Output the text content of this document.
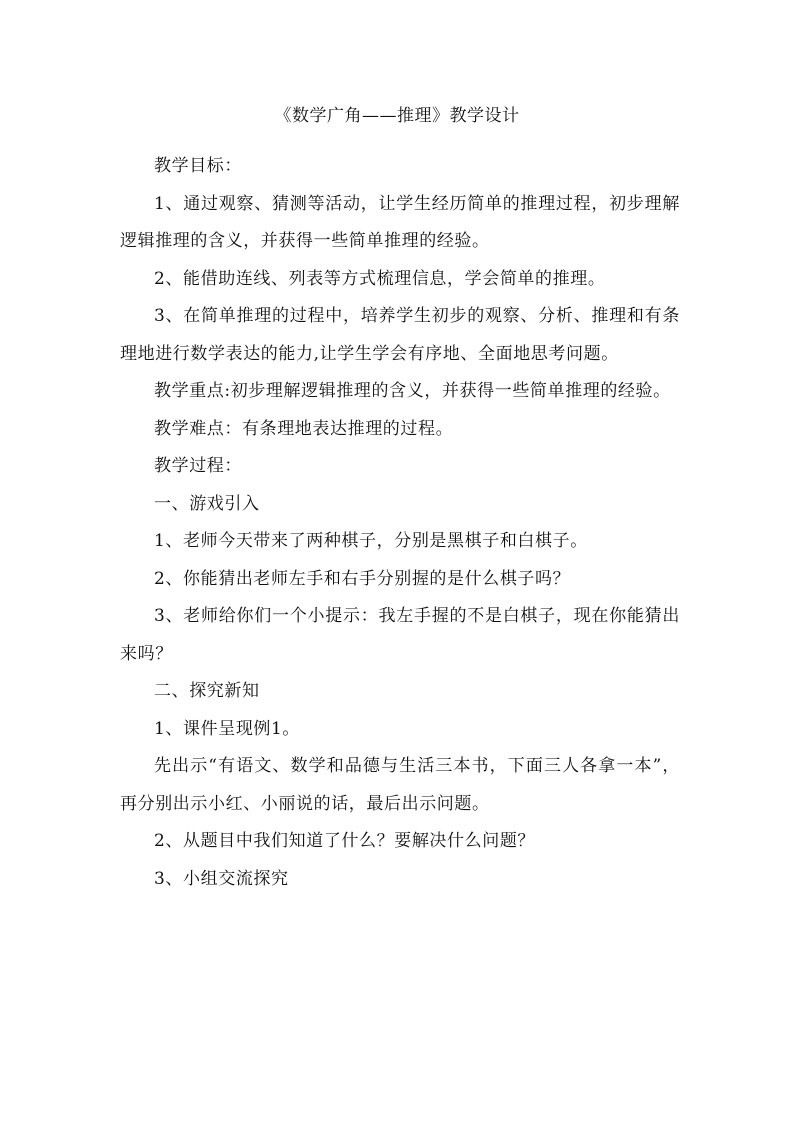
《数学广角——推理》教学设计

教学目标：

1、通过观察、猜测等活动，让学生经历简单的推理过程，初步理解逻辑推理的含义，并获得一些简单推理的经验。

2、能借助连线、列表等方式梳理信息，学会简单的推理。

3、在简单推理的过程中，培养学生初步的观察、分析、推理和有条理地进行数学表达的能力,让学生学会有序地、全面地思考问题。

教学重点:初步理解逻辑推理的含义，并获得一些简单推理的经验。

教学难点：有条理地表达推理的过程。

教学过程：

一、游戏引入

1、老师今天带来了两种棋子，分别是黑棋子和白棋子。

2、你能猜出老师左手和右手分别握的是什么棋子吗？

3、老师给你们一个小提示：我左手握的不是白棋子，现在你能猜出来吗？

二、探究新知

1、课件呈现例1。

先出示“有语文、数学和品德与生活三本书，下面三人各拿一本”，再分别出示小红、小丽说的话，最后出示问题。

2、从题目中我们知道了什么？要解决什么问题？

3、小组交流探究
